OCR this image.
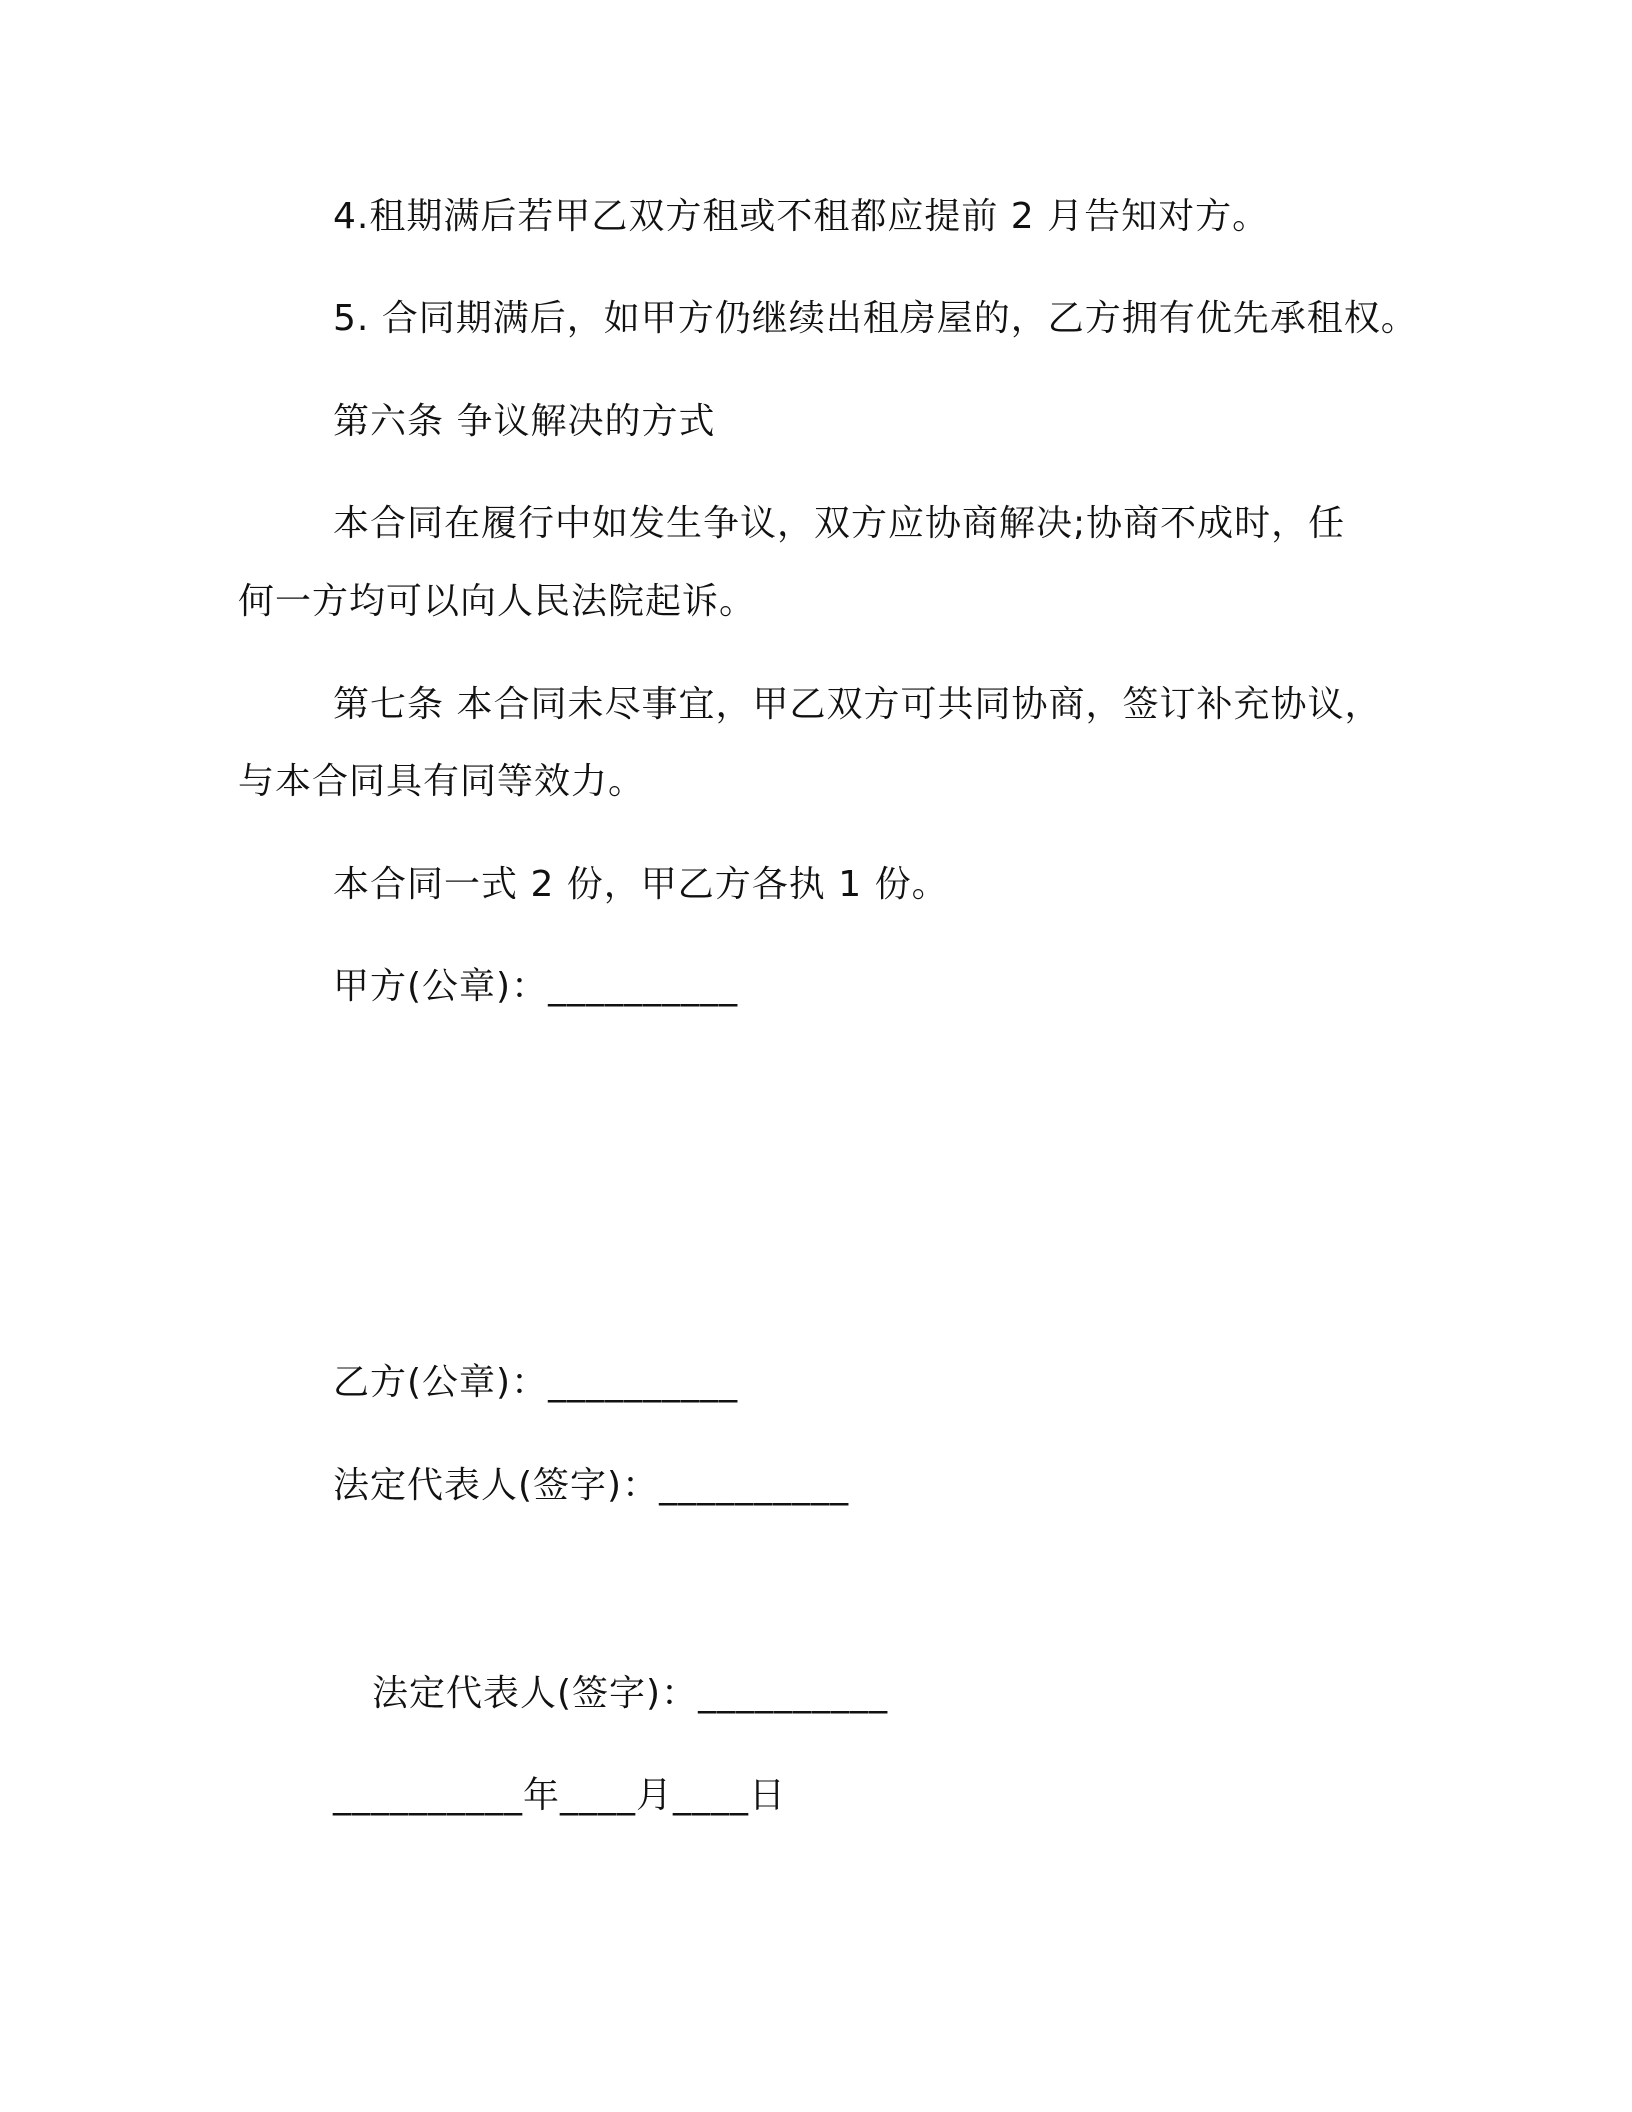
4.租期满后若甲乙双方租或不租都应提前 2 月告知对方。
5. 合同期满后，如甲方仍继续出租房屋的，乙方拥有优先承租权。
第六条 争议解决的方式
本合同在履行中如发生争议，双方应协商解决;协商不成时，任
何一方均可以向人民法院起诉。
第七条 本合同未尽事宜，甲乙双方可共同协商，签订补充协议，
与本合同具有同等效力。
本合同一式 2 份，甲乙方各执 1 份。
甲方(公章)：__________
乙方(公章)：__________
法定代表人(签字)：__________
法定代表人(签字)：__________
__________年____月____日
